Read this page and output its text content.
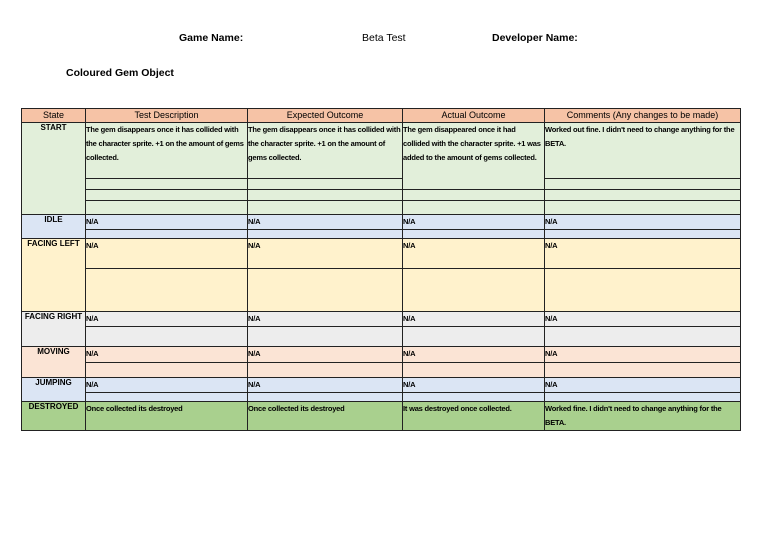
Game Name:	Beta Test	Developer Name:
Coloured Gem Object
State	Test Description	Expected Outcome	Actual Outcome	Comments (Any changes to be made)
START	The gem disappears once it has collided with the character sprite. +1 on the amount of gems collected.	The gem disappears once it has collided with the character sprite. +1 on the amount of gems collected.	The gem disappeared once it had collided with the character sprite. +1 was added to the amount of gems collected.	Worked out fine. I didn't need to change anything for the BETA.

IDLE	N/A	N/A	N/A	N/A

FACING LEFT	N/A	N/A	N/A	N/A

FACING RIGHT	N/A	N/A	N/A	N/A

MOVING	N/A	N/A	N/A	N/A

JUMPING	N/A	N/A	N/A	N/A

DESTROYED	Once collected its destroyed	Once collected its destroyed	It was destroyed once collected.	Worked fine. I didn't need to change anything for the BETA.
